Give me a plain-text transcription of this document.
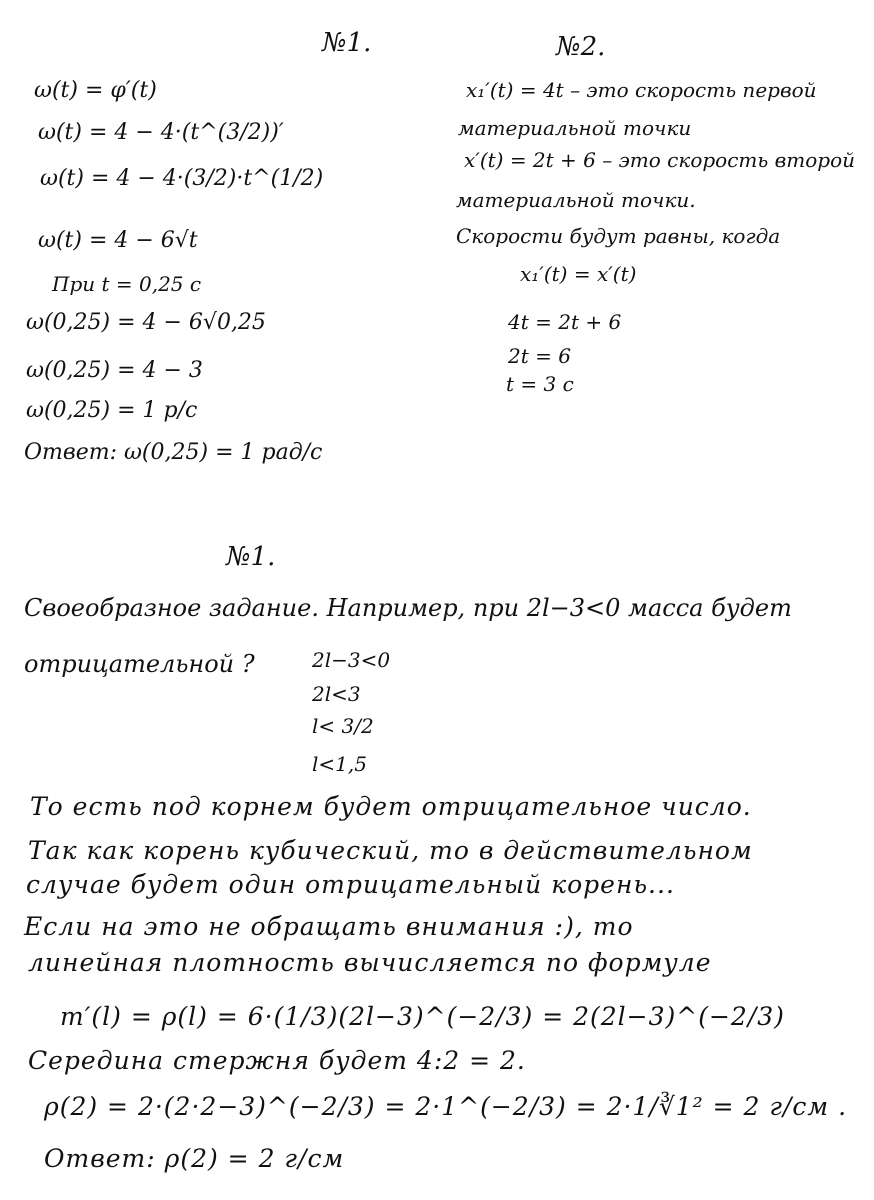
№1.
ω(t) = φ′(t)
ω(t) = 4 − 4·(t^(3/2))′
ω(t) = 4 − 4·(3/2)·t^(1/2)
ω(t) = 4 − 6√t
При t = 0,25 с
ω(0,25) = 4 − 6√0,25
ω(0,25) = 4 − 3
ω(0,25) = 1 р/с
Ответ: ω(0,25) = 1 рад/с
№2.
x₁′(t) = 4t – это скорость первой
материальной точки
x′(t) = 2t + 6 – это скорость второй
материальной точки.
Скорости будут равны, когда
x₁′(t) = x′(t)
4t = 2t + 6
2t = 6
t = 3 с
№1.
Своеобразное задание. Например, при 2l−3<0 масса будет
отрицательной ?	2l−3<0
2l<3
l< 3/2
l<1,5
То есть под корнем будет отрицательное число.
Так как корень кубический, то в действительном
случае будет один отрицательный корень...
Если на это не обращать внимания :), то
линейная плотность вычисляется по формуле
m′(l) = ρ(l) = 6·(1/3)(2l−3)^(−2/3) = 2(2l−3)^(−2/3)
Середина стержня будет 4:2 = 2.
ρ(2) = 2·(2·2−3)^(−2/3) = 2·1^(−2/3) = 2·1/∛1² = 2 г/см .
Ответ: ρ(2) = 2 г/см
